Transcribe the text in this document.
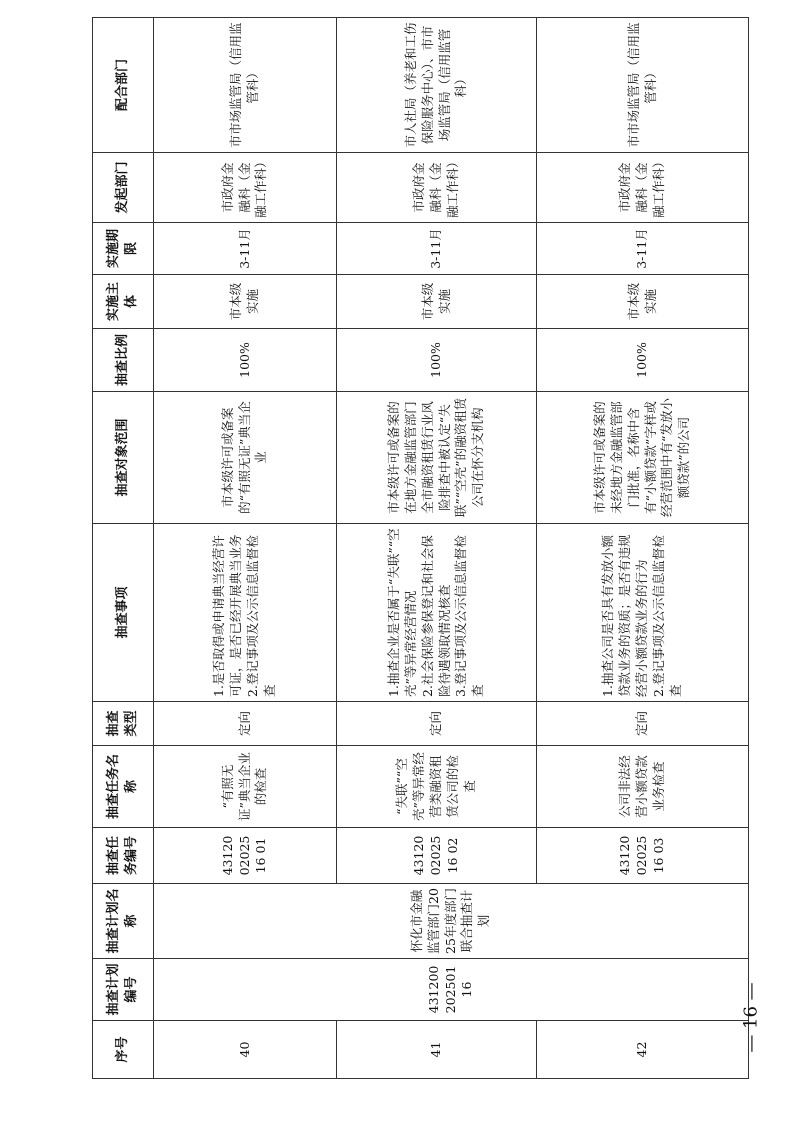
序号	抽查计划编号	抽查计划名称	抽查任务编号	抽查任务名称	抽查类型	抽查事项	抽查对象范围	抽查比例	实施主体	实施期限	发起部门	配合部门
40	43120020250116	怀化市金融监管部门2025年度部门联合抽查计划	431200202516 01	“有照无证”典当企业的检查	定向	1.是否取得或申请典当经营许可证，是否已经开展典当业务 2.登记事项及公示信息监督检查	市本级许可或备案的“有照无证”典当企业	100%	市本级实施	3-11月	市政府金融科（金融工作科）	市市场监管局（信用监管科）
41			431200202516 02	“失联”“空壳”等异常经营类融资租赁公司的检查	定向	1.抽查企业是否属于“失联”“空壳”等异常经营情况 2.社会保险参保登记和社会保险待遇领取情况核查 3.登记事项及公示信息监督检查	市本级许可或备案的在地方金融监管部门全市融资租赁行业风险排查中被认定“失联”“空壳”的融资租赁公司在怀分支机构	100%	市本级实施	3-11月	市政府金融科（金融工作科）	市人社局（养老和工伤保险服务中心）、市市场监管局（信用监管科）
42			431200202516 03	公司非法经营小额贷款业务检查	定向	1.抽查公司是否具有发放小额贷款业务的资质；是否有违规经营小额贷款业务的行为 2.登记事项及公示信息监督检查	市本级许可或备案的未经地方金融监管部门批准，名称中含有“小额贷款”字样或经营范围中有“发放小额贷款”的公司	100%	市本级实施	3-11月	市政府金融科（金融工作科）	市市场监管局（信用监管科）
— 16 —
